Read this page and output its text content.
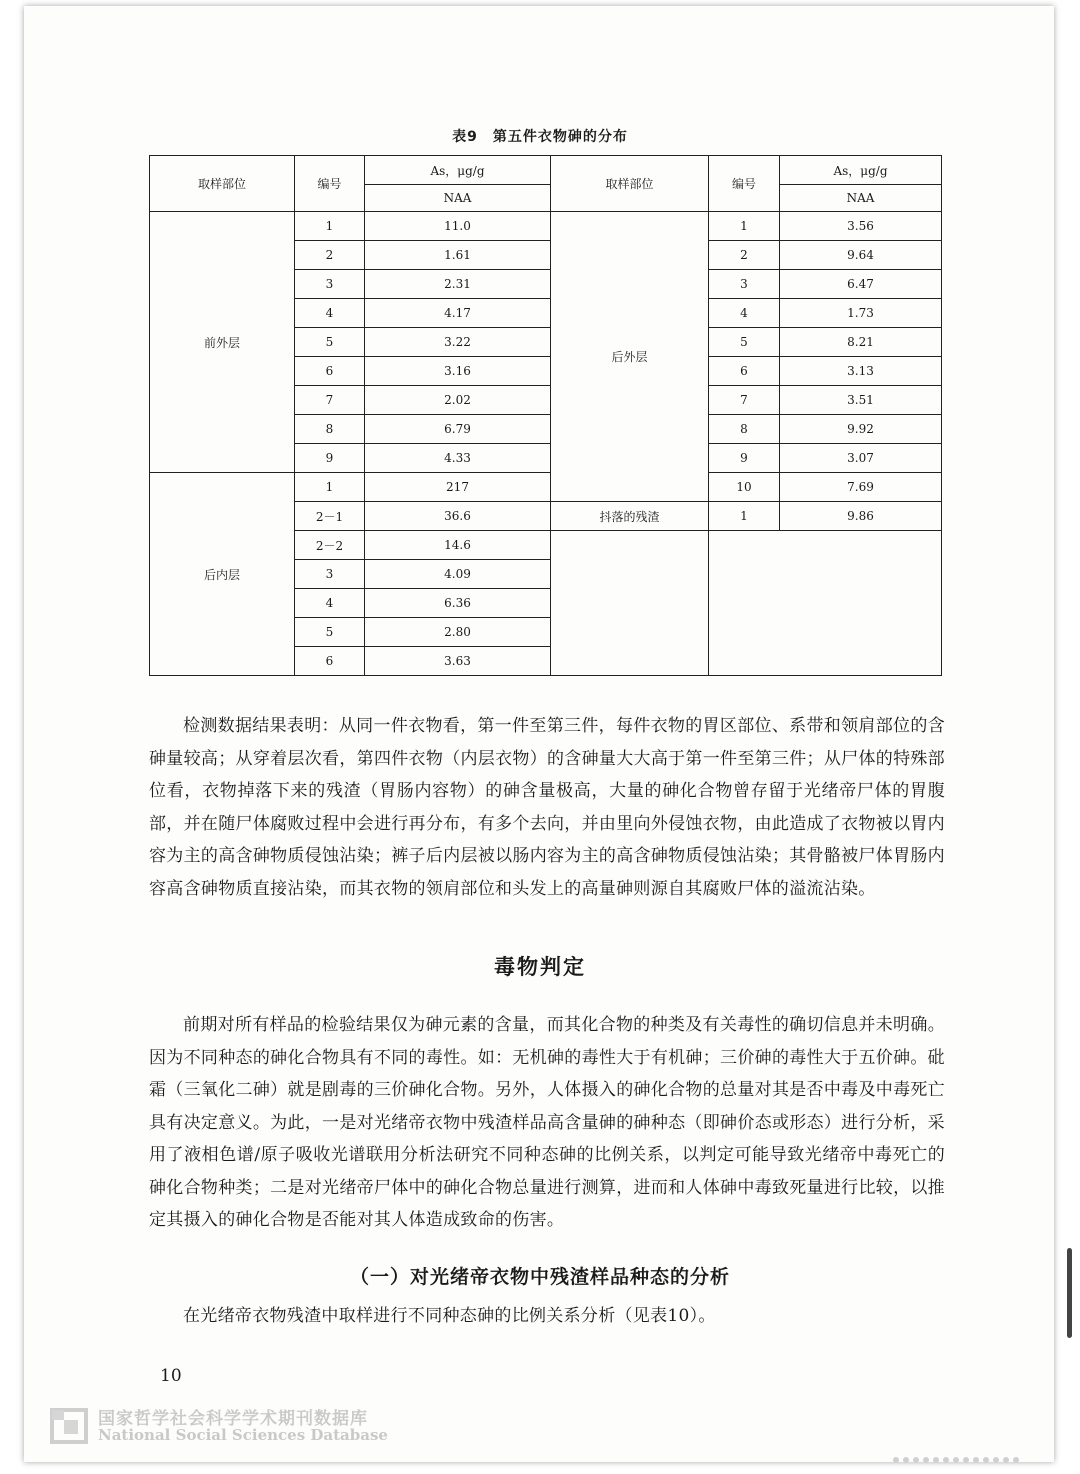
表9　第五件衣物砷的分布
取样部位	编号	As，μg/g	取样部位	编号	As，μg/g
		NAA			NAA
前外层	1	11.0	后外层	1	3.56
	2	1.61		2	9.64
	3	2.31		3	6.47
	4	4.17		4	1.73
	5	3.22		5	8.21
	6	3.16		6	3.13
	7	2.02		7	3.51
	8	6.79		8	9.92
	9	4.33		9	3.07
后内层	1	217		10	7.69
	2－1	36.6	抖落的残渣	1	9.86
	2－2	14.6			
	3	4.09			
	4	6.36			
	5	2.80			
	6	3.63			

检测数据结果表明：从同一件衣物看，第一件至第三件，每件衣物的胃区部位、系带和领肩部位的含砷量较高；从穿着层次看，第四件衣物（内层衣物）的含砷量大大高于第一件至第三件；从尸体的特殊部位看，衣物掉落下来的残渣（胃肠内容物）的砷含量极高，大量的砷化合物曾存留于光绪帝尸体的胃腹部，并在随尸体腐败过程中会进行再分布，有多个去向，并由里向外侵蚀衣物，由此造成了衣物被以胃内容为主的高含砷物质侵蚀沾染；裤子后内层被以肠内容为主的高含砷物质侵蚀沾染；其骨骼被尸体胃肠内容高含砷物质直接沾染，而其衣物的领肩部位和头发上的高量砷则源自其腐败尸体的溢流沾染。

毒物判定

前期对所有样品的检验结果仅为砷元素的含量，而其化合物的种类及有关毒性的确切信息并未明确。因为不同种态的砷化合物具有不同的毒性。如：无机砷的毒性大于有机砷；三价砷的毒性大于五价砷。砒霜（三氧化二砷）就是剧毒的三价砷化合物。另外，人体摄入的砷化合物的总量对其是否中毒及中毒死亡具有决定意义。为此，一是对光绪帝衣物中残渣样品高含量砷的砷种态（即砷价态或形态）进行分析，采用了液相色谱/原子吸收光谱联用分析法研究不同种态砷的比例关系，以判定可能导致光绪帝中毒死亡的砷化合物种类；二是对光绪帝尸体中的砷化合物总量进行测算，进而和人体砷中毒致死量进行比较，以推定其摄入的砷化合物是否能对其人体造成致命的伤害。

（一）对光绪帝衣物中残渣样品种态的分析

在光绪帝衣物残渣中取样进行不同种态砷的比例关系分析（见表10）。

10
国家哲学社会科学学术期刊数据库
National Social Sciences Database
